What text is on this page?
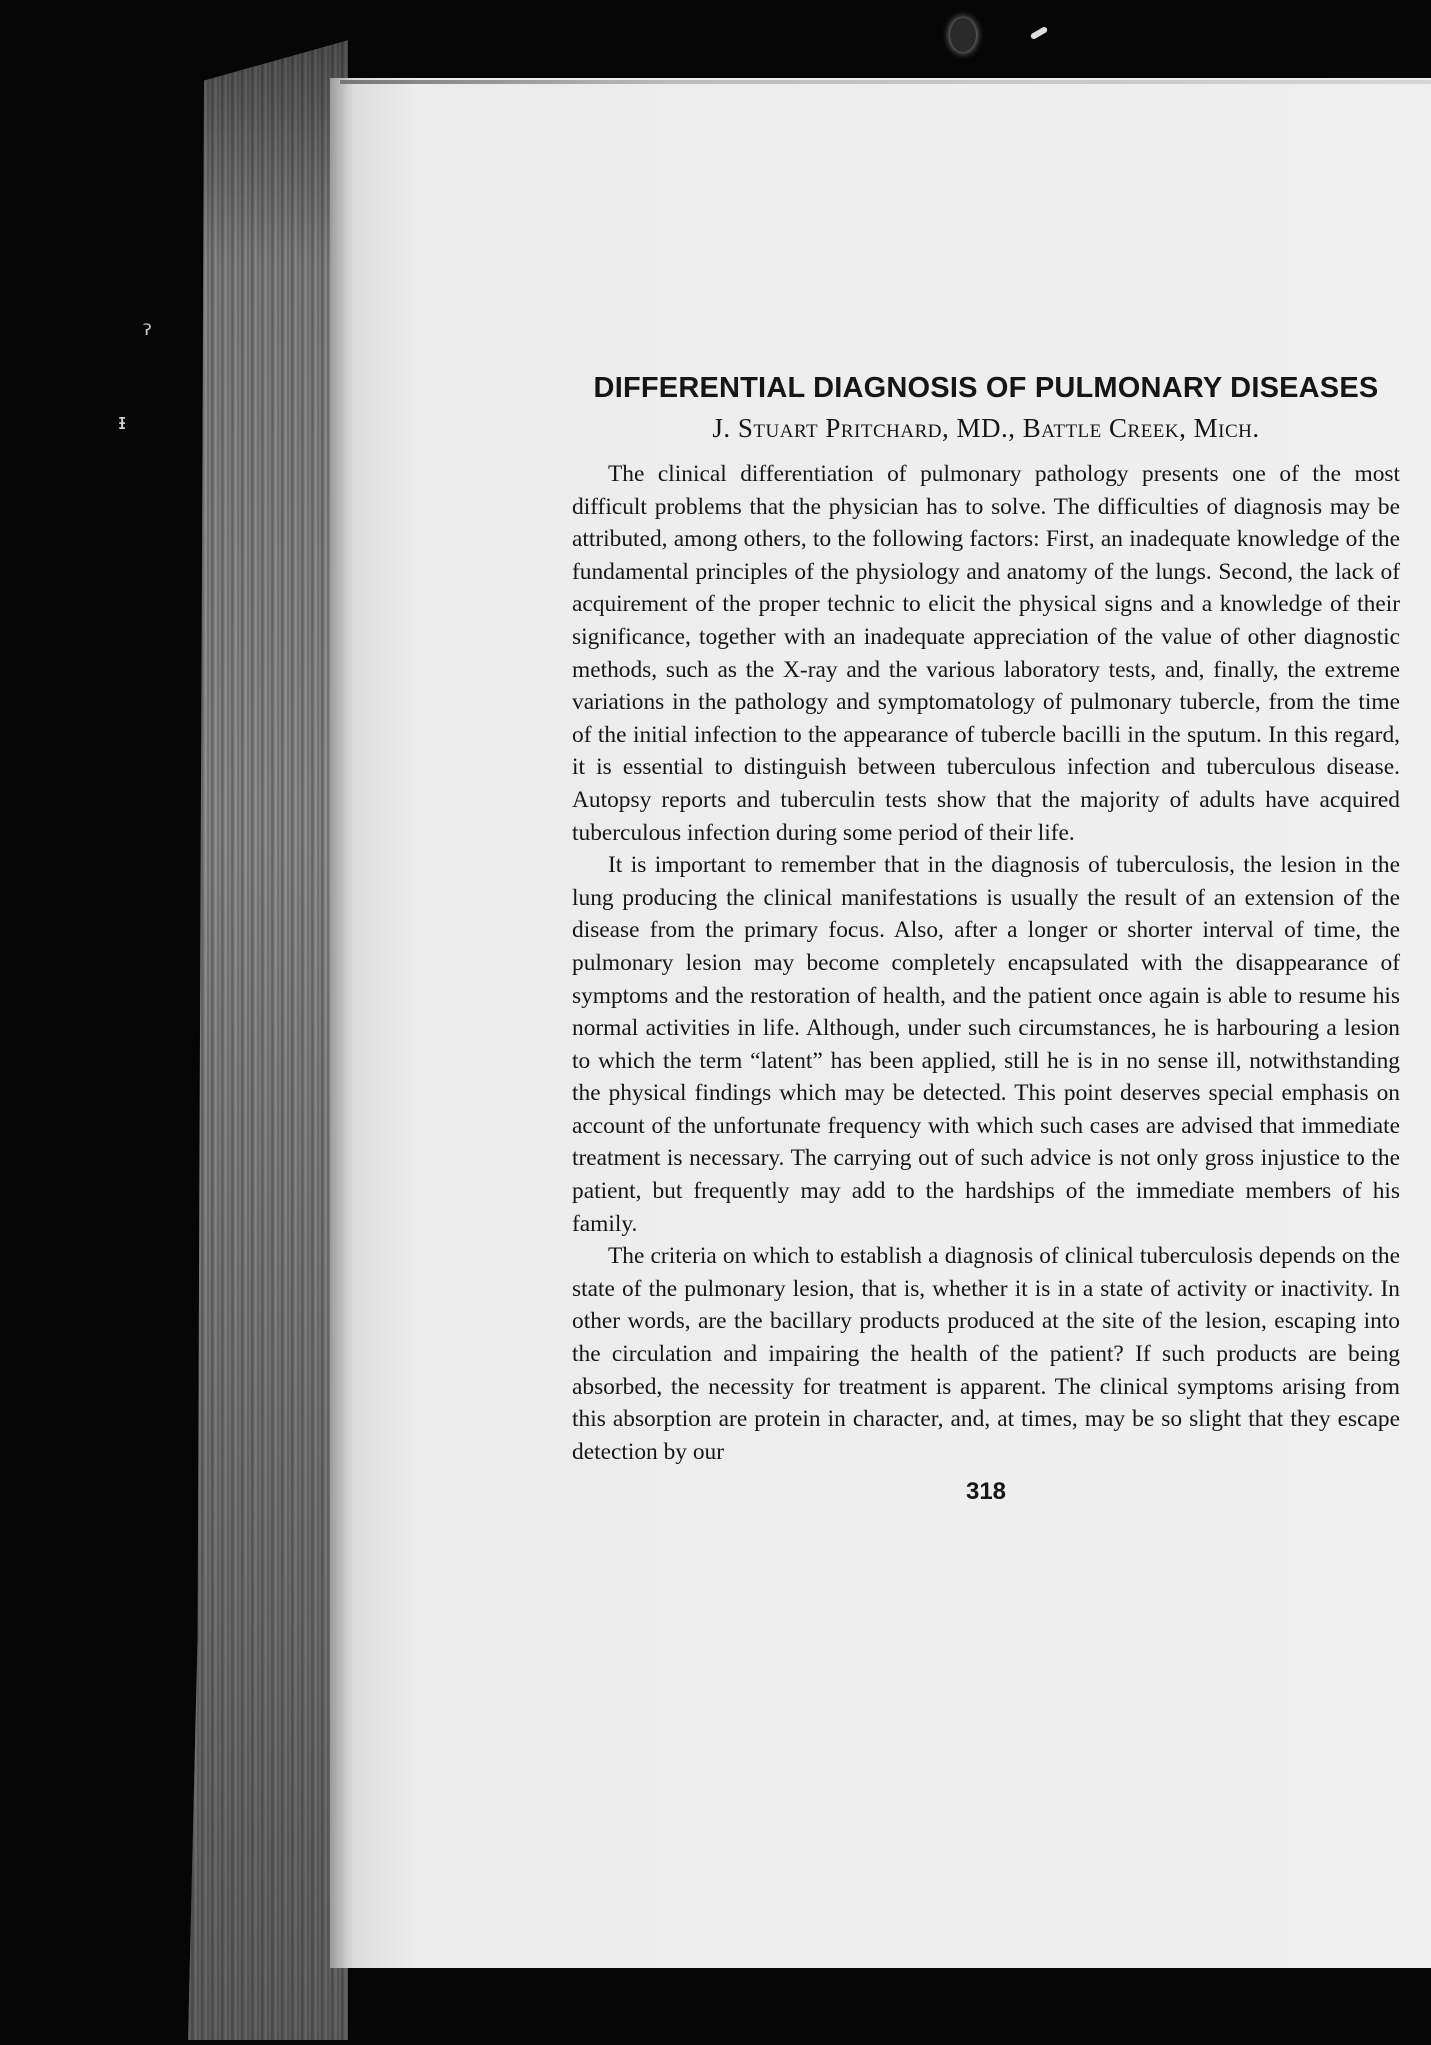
ˀ
ᵻ
DIFFERENTIAL DIAGNOSIS OF PULMONARY DISEASES
J. Stuart Pritchard, MD., Battle Creek, Mich.

The clinical differentiation of pulmonary pathology presents one of the most difficult problems that the physician has to solve. The difficulties of diagnosis may be attributed, among others, to the following factors: First, an inadequate knowledge of the fundamental principles of the physiology and anatomy of the lungs. Second, the lack of acquirement of the proper technic to elicit the physical signs and a knowledge of their significance, together with an inadequate appreciation of the value of other diagnostic methods, such as the X-ray and the various laboratory tests, and, finally, the extreme variations in the pathology and symptomatology of pulmonary tubercle, from the time of the initial infection to the appearance of tubercle bacilli in the sputum. In this regard, it is essential to distinguish between tuberculous infection and tuberculous disease. Autopsy reports and tuberculin tests show that the majority of adults have acquired tuberculous infection during some period of their life.

It is important to remember that in the diagnosis of tuberculosis, the lesion in the lung producing the clinical manifestations is usually the result of an extension of the disease from the primary focus. Also, after a longer or shorter interval of time, the pulmonary lesion may become completely encapsulated with the disappearance of symptoms and the restoration of health, and the patient once again is able to resume his normal activities in life. Although, under such circumstances, he is harbouring a lesion to which the term “latent” has been applied, still he is in no sense ill, notwithstanding the physical findings which may be detected. This point deserves special emphasis on account of the unfortunate frequency with which such cases are advised that immediate treatment is necessary. The carrying out of such advice is not only gross injustice to the patient, but frequently may add to the hardships of the immediate members of his family.

The criteria on which to establish a diagnosis of clinical tuberculosis depends on the state of the pulmonary lesion, that is, whether it is in a state of activity or inactivity. In other words, are the bacillary products produced at the site of the lesion, escaping into the circulation and impairing the health of the patient? If such products are being absorbed, the necessity for treatment is apparent. The clinical symptoms arising from this absorption are protein in character, and, at times, may be so slight that they escape detection by our

318
